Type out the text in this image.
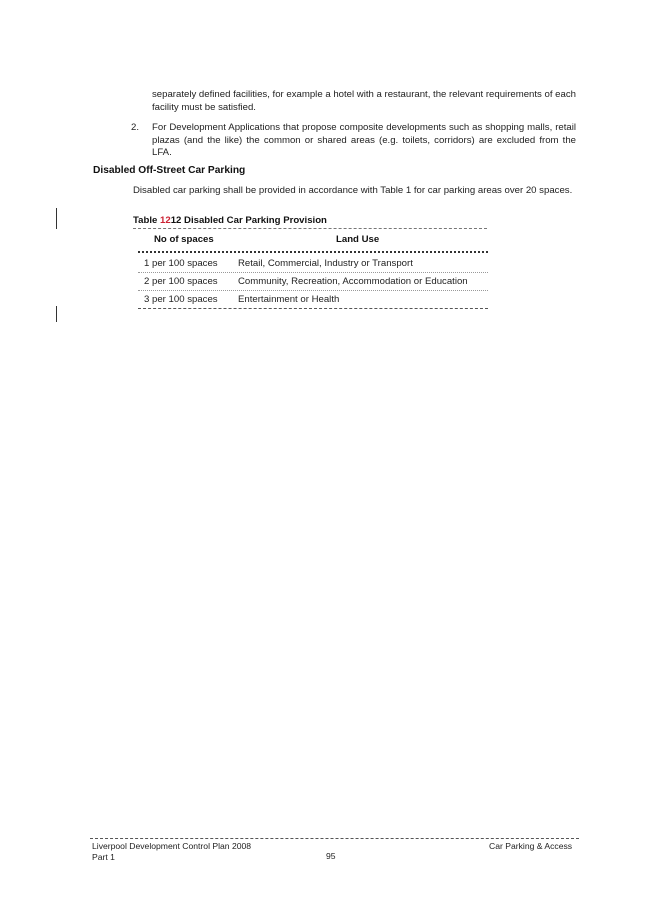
separately defined facilities, for example a hotel with a restaurant, the relevant requirements of each facility must be satisfied.
2.	For Development Applications that propose composite developments such as shopping malls, retail plazas (and the like) the common or shared areas (e.g. toilets, corridors) are excluded from the LFA.
Disabled Off-Street Car Parking
Disabled car parking shall be provided in accordance with Table 1 for car parking areas over 20 spaces.
Table 1212 Disabled Car Parking Provision
No of spaces	Land Use
1 per 100 spaces Retail, Commercial, Industry or Transport
2 per 100 spaces Community, Recreation, Accommodation or Education
3 per 100 spaces Entertainment or Health
Liverpool Development Control Plan 2008
Part 1	95
Car Parking & Access
